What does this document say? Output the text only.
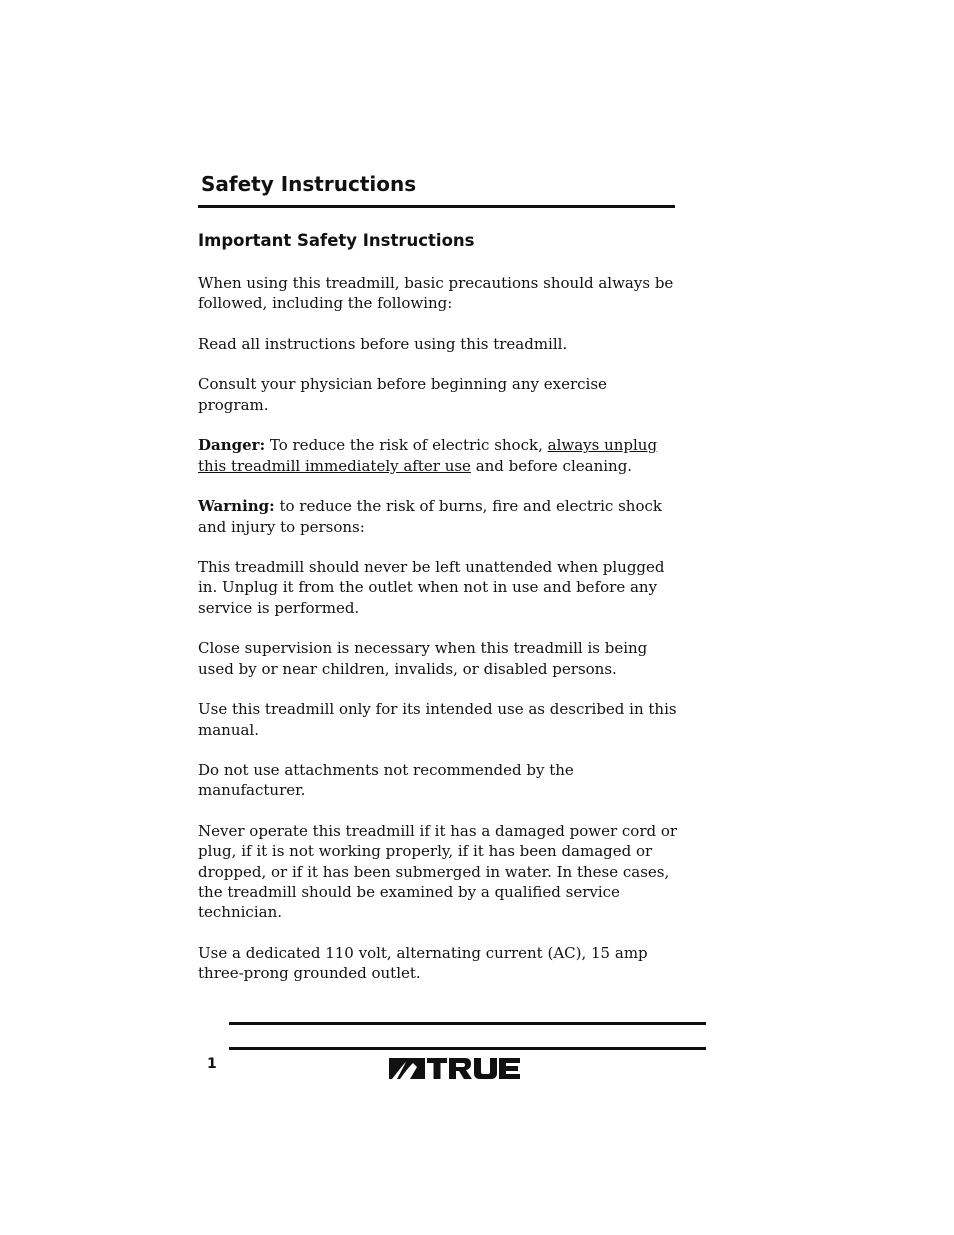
Safety Instructions
Important Safety Instructions

When using this treadmill, basic precautions should always be followed, including the following:

Read all instructions before using this treadmill.

Consult your physician before beginning any exercise program.

Danger: To reduce the risk of electric shock, always unplug this treadmill immediately after use and before cleaning.

Warning: to reduce the risk of burns, fire and electric shock and injury to persons:

This treadmill should never be left unattended when plugged in. Unplug it from the outlet when not in use and before any service is performed.

Close supervision is necessary when this treadmill is being used by or near children, invalids, or disabled persons.

Use this treadmill only for its intended use as described in this manual.

Do not use attachments not recommended by the manufacturer.

Never operate this treadmill if it has a damaged power cord or plug, if it is not working properly, if it has been damaged or dropped, or if it has been submerged in water. In these cases, the treadmill should be examined by a qualified service technician.

Use a dedicated 110 volt, alternating current (AC), 15 amp three-prong grounded outlet.

1
